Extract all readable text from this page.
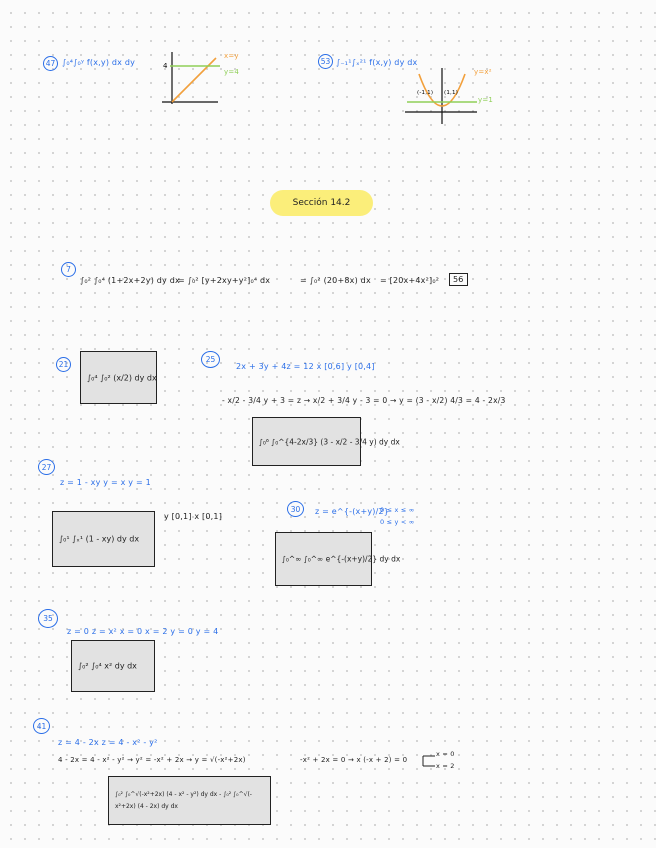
47 ∫₀⁴∫₀ʸ f(x,y) dx dy	4
x=y
y=4
53 ∫₋₁¹∫ₓ²¹ f(x,y) dy dx
(-1,1) (1,1)
y=x²
y=1
Sección 14.2
7
∫₀² ∫₀⁴ (1+2x+2y) dy dx
= ∫₀² [y+2xy+y²]₀⁴ dx	= ∫₀² (20+8x) dx = [20x+4x²]₀²	56
21
∫₀⁴ ∫₀² (x/2) dy dx
25
2x + 3y + 4z = 12 x [0,6] y [0,4]
- x/2 - 3/4 y + 3 = z → x/2 + 3/4 y - 3 = 0 → y = (3 - x/2) 4/3 = 4 - 2x/3
∫₀⁶ ∫₀^{4-2x/3} (3 - x/2 - 3/4 y) dy dx
27
z = 1 - xy y = x y = 1
y [0,1] x [0,1]
∫₀¹ ∫ₓ¹ (1 - xy) dy dx
30	z = e^{-(x+y)/2}
0 ≤ x ≤ ∞
0 ≤ y < ∞
∫₀^∞ ∫₀^∞ e^{-(x+y)/2} dy dx
35
z = 0 z = x² x = 0 x = 2 y = 0 y = 4
∫₀² ∫₀⁴ x² dy dx
41
z = 4 - 2x z = 4 - x² - y²
4 - 2x = 4 - x² - y² → y² = -x² + 2x → y = √(-x²+2x)	-x² + 2x = 0 → x (-x + 2) = 0
x = 0
x = 2
∫₀² ∫₀^√(-x²+2x) (4 - x² - y²) dy dx - ∫₀² ∫₀^√(-x²+2x) (4 - 2x) dy dx
